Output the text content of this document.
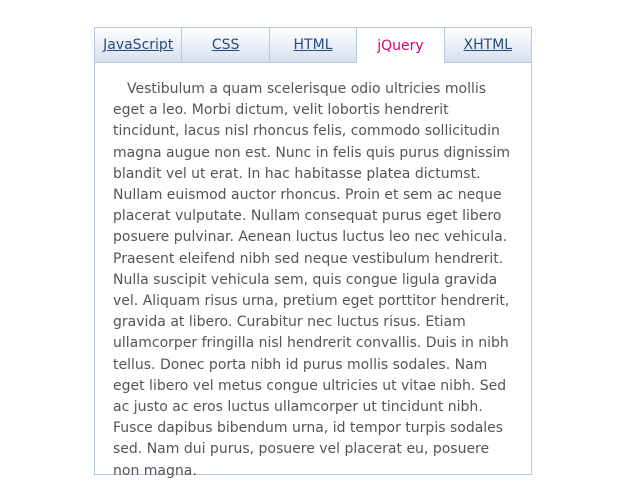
JavaScript	CSS	HTML	jQuery	XHTML

Vestibulum a quam scelerisque odio ultricies mollis eget a leo. Morbi dictum, velit lobortis hendrerit tincidunt, lacus nisl rhoncus felis, commodo sollicitudin magna augue non est. Nunc in felis quis purus dignissim blandit vel ut erat. In hac habitasse platea dictumst. Nullam euismod auctor rhoncus. Proin et sem ac neque placerat vulputate. Nullam consequat purus eget libero posuere pulvinar. Aenean luctus luctus leo nec vehicula. Praesent eleifend nibh sed neque vestibulum hendrerit. Nulla suscipit vehicula sem, quis congue ligula gravida vel. Aliquam risus urna, pretium eget porttitor hendrerit, gravida at libero. Curabitur nec luctus risus. Etiam ullamcorper fringilla nisl hendrerit convallis. Duis in nibh tellus. Donec porta nibh id purus mollis sodales. Nam eget libero vel metus congue ultricies ut vitae nibh. Sed ac justo ac eros luctus ullamcorper ut tincidunt nibh. Fusce dapibus bibendum urna, id tempor turpis sodales sed. Nam dui purus, posuere vel placerat eu, posuere non magna.
